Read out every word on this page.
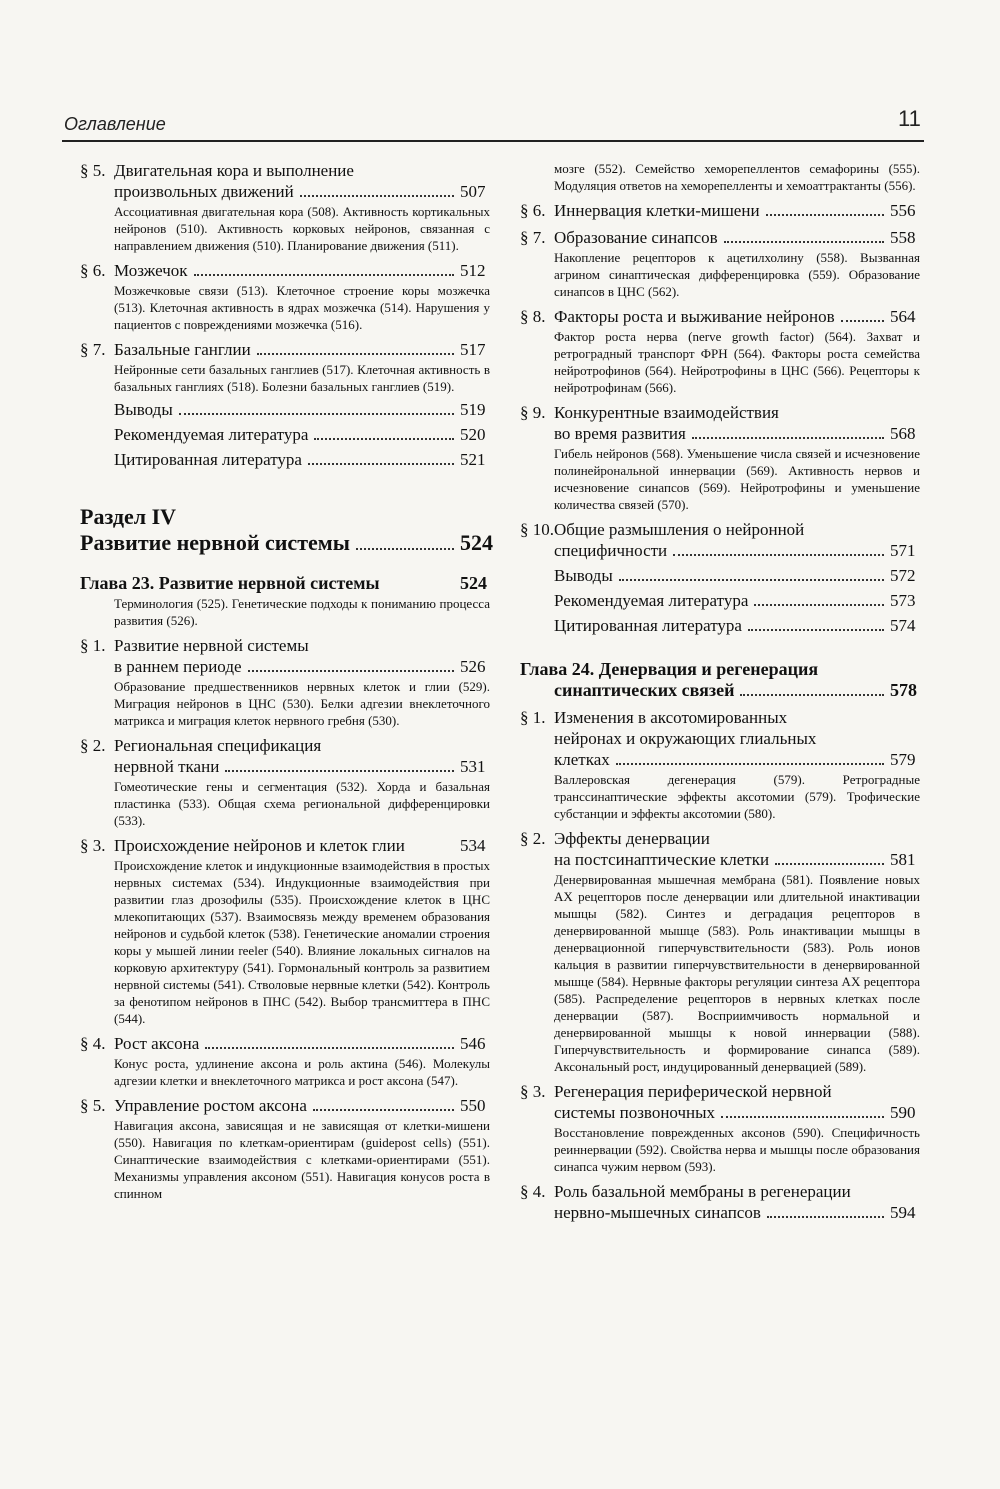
Оглавление	11
§ 5. Двигательная кора и выполнение
произвольных движений	507
Ассоциативная двигательная кора (508). Активность кортикальных нейронов (510). Активность корковых нейронов, связанная с направлением движения (510). Планирование движения (511).
§ 6. Мозжечок	512
Мозжечковые связи (513). Клеточное строение коры мозжечка (513). Клеточная активность в ядрах мозжечка (514). Нарушения у пациентов с повреждениями мозжечка (516).
§ 7. Базальные ганглии	517
Нейронные сети базальных ганглиев (517). Клеточная активность в базальных ганглиях (518). Болезни базальных ганглиев (519).
Выводы	519
Рекомендуемая литература	520
Цитированная литература	521
Раздел IV
Развитие нервной системы	524
Глава 23. Развитие нервной системы	524
Терминология (525). Генетические подходы к пониманию процесса развития (526).
§ 1. Развитие нервной системы
в раннем периоде	526
Образование предшественников нервных клеток и глии (529). Миграция нейронов в ЦНС (530). Белки адгезии внеклеточного матрикса и миграция клеток нервного гребня (530).
§ 2. Региональная спецификация
нервной ткани	531
Гомеотические гены и сегментация (532). Хорда и базальная пластинка (533). Общая схема региональной дифференцировки (533).
§ 3. Происхождение нейронов и клеток глии	534
Происхождение клеток и индукционные взаимодействия в простых нервных системах (534). Индукционные взаимодействия при развитии глаз дрозофилы (535). Происхождение клеток в ЦНС млекопитающих (537). Взаимосвязь между временем образования нейронов и судьбой клеток (538). Генетические аномалии строения коры у мышей линии reeler (540). Влияние локальных сигналов на корковую архитектуру (541). Гормональный контроль за развитием нервной системы (541). Стволовые нервные клетки (542). Контроль за фенотипом нейронов в ПНС (542). Выбор трансмиттера в ПНС (544).
§ 4. Рост аксона	546
Конус роста, удлинение аксона и роль актина (546). Молекулы адгезии клетки и внеклеточного матрикса и рост аксона (547).
§ 5. Управление ростом аксона	550
Навигация аксона, зависящая и не зависящая от клетки-мишени (550). Навигация по клеткам-ориентирам (guidepost cells) (551). Синаптические взаимодействия с клетками-ориентирами (551). Механизмы управления аксоном (551). Навигация конусов роста в спинном
мозге (552). Семейство хеморепеллентов семафорины (555). Модуляция ответов на хеморепелленты и хемоаттрактанты (556).
§ 6. Иннервация клетки-мишени	556
§ 7. Образование синапсов	558
Накопление рецепторов к ацетилхолину (558). Вызванная агрином синаптическая дифференцировка (559). Образование синапсов в ЦНС (562).
§ 8. Факторы роста и выживание нейронов	564
Фактор роста нерва (nerve growth factor) (564). Захват и ретроградный транспорт ФРН (564). Факторы роста семейства нейротрофинов (564). Нейротрофины в ЦНС (566). Рецепторы к нейротрофинам (566).
§ 9. Конкурентные взаимодействия
во время развития	568
Гибель нейронов (568). Уменьшение числа связей и исчезновение полинейрональной иннервации (569). Активность нервов и исчезновение синапсов (569). Нейротрофины и уменьшение количества связей (570).
§ 10. Общие размышления о нейронной
специфичности	571
Выводы	572
Рекомендуемая литература	573
Цитированная литература	574
Глава 24. Денервация и регенерация
синаптических связей	578
§ 1. Изменения в аксотомированных
нейронах и окружающих глиальных
клетках	579
Валлеровская дегенерация (579). Ретроградные транссинаптические эффекты аксотомии (579). Трофические субстанции и эффекты аксотомии (580).
§ 2. Эффекты денервации
на постсинаптические клетки	581
Денервированная мышечная мембрана (581). Появление новых АХ рецепторов после денервации или длительной инактивации мышцы (582). Синтез и деградация рецепторов в денервированной мышце (583). Роль инактивации мышцы в денервационной гиперчувствительности (583). Роль ионов кальция в развитии гиперчувствительности в денервированной мышце (584). Нервные факторы регуляции синтеза АХ рецептора (585). Распределение рецепторов в нервных клетках после денервации (587). Восприимчивость нормальной и денервированной мышцы к новой иннервации (588). Гиперчувствительность и формирование синапса (589). Аксональный рост, индуцированный денервацией (589).
§ 3. Регенерация периферической нервной
системы позвоночных	590
Восстановление поврежденных аксонов (590). Специфичность реиннервации (592). Свойства нерва и мышцы после образования синапса чужим нервом (593).
§ 4. Роль базальной мембраны в регенерации
нервно-мышечных синапсов	594
